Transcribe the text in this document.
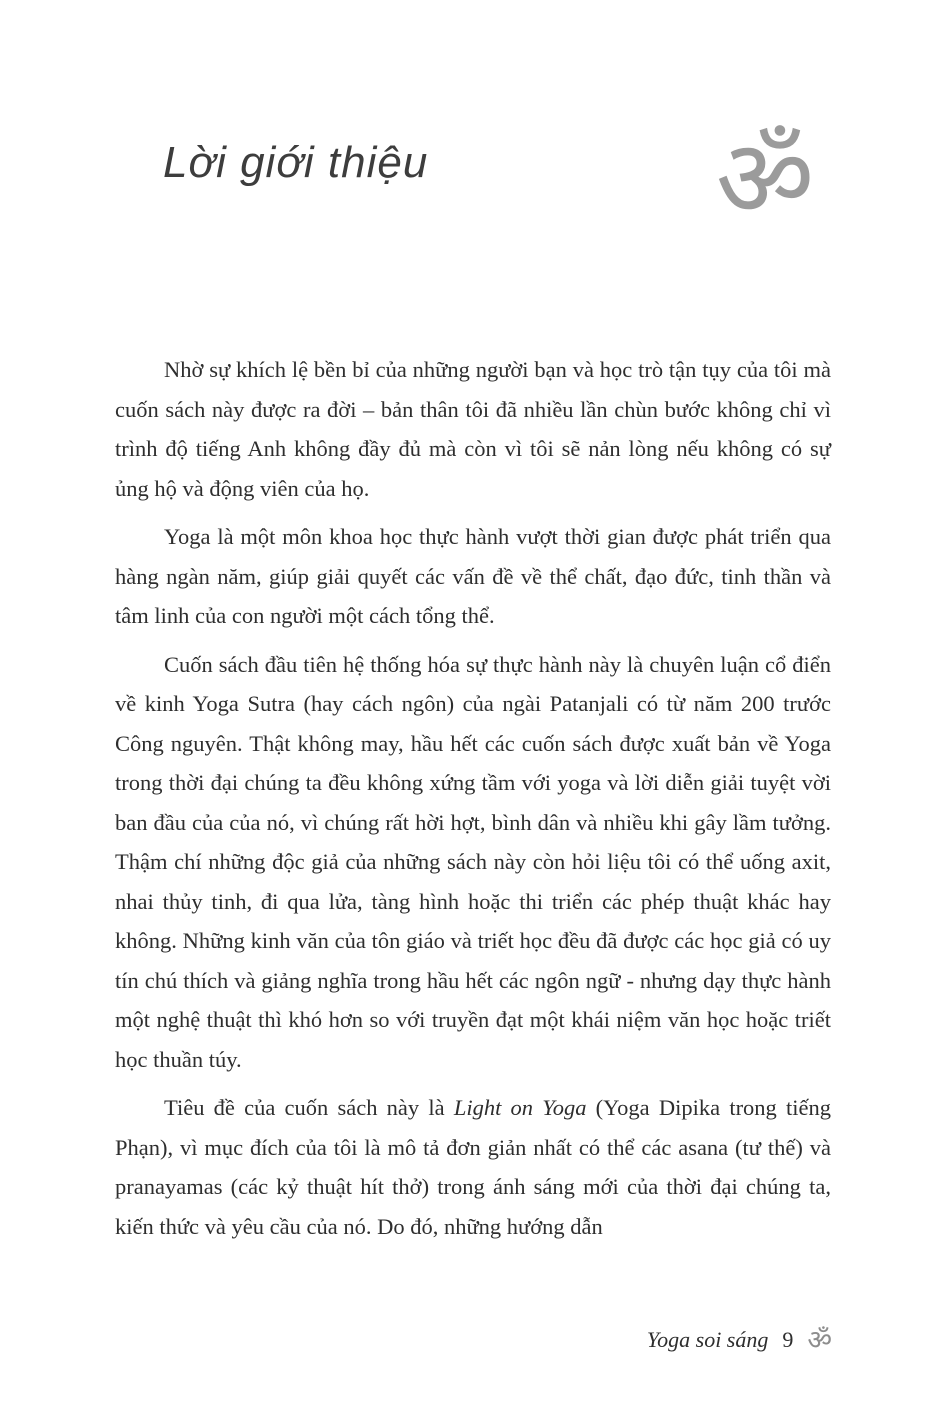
Lời giới thiệu	ॐ

Nhờ sự khích lệ bền bỉ của những người bạn và học trò tận tụy của tôi mà cuốn sách này được ra đời – bản thân tôi đã nhiều lần chùn bước không chỉ vì trình độ tiếng Anh không đầy đủ mà còn vì tôi sẽ nản lòng nếu không có sự ủng hộ và động viên của họ.

Yoga là một môn khoa học thực hành vượt thời gian được phát triển qua hàng ngàn năm, giúp giải quyết các vấn đề về thể chất, đạo đức, tinh thần và tâm linh của con người một cách tổng thể.

Cuốn sách đầu tiên hệ thống hóa sự thực hành này là chuyên luận cổ điển về kinh Yoga Sutra (hay cách ngôn) của ngài Patanjali có từ năm 200 trước Công nguyên. Thật không may, hầu hết các cuốn sách được xuất bản về Yoga trong thời đại chúng ta đều không xứng tầm với yoga và lời diễn giải tuyệt vời ban đầu của của nó, vì chúng rất hời hợt, bình dân và nhiều khi gây lầm tưởng. Thậm chí những độc giả của những sách này còn hỏi liệu tôi có thể uống axit, nhai thủy tinh, đi qua lửa, tàng hình hoặc thi triển các phép thuật khác hay không. Những kinh văn của tôn giáo và triết học đều đã được các học giả có uy tín chú thích và giảng nghĩa trong hầu hết các ngôn ngữ - nhưng dạy thực hành một nghệ thuật thì khó hơn so với truyền đạt một khái niệm văn học hoặc triết học thuần túy.

Tiêu đề của cuốn sách này là Light on Yoga (Yoga Dipika trong tiếng Phạn), vì mục đích của tôi là mô tả đơn giản nhất có thể các asana (tư thế) và pranayamas (các kỷ thuật hít thở) trong ánh sáng mới của thời đại chúng ta, kiến thức và yêu cầu của nó. Do đó, những hướng dẫn

Yoga soi sáng 9 ॐ
